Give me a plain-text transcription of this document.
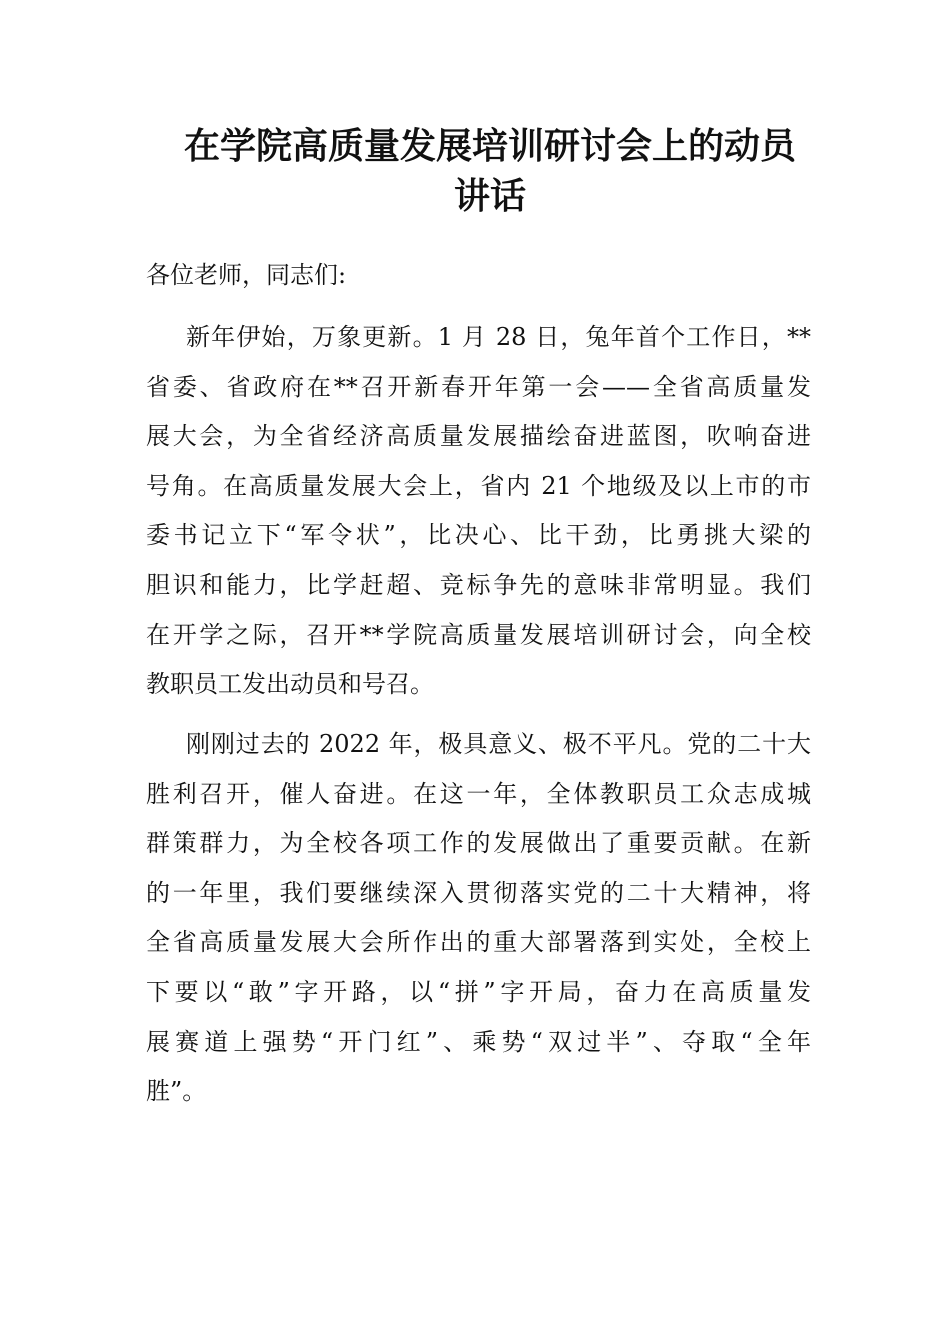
在学院高质量发展培训研讨会上的动员
讲话
各位老师，同志们:
新年伊始，万象更新。1 月 28 日，兔年首个工作日，**
省委、省政府在**召开新春开年第一会——全省高质量发
展大会，为全省经济高质量发展描绘奋进蓝图，吹响奋进
号角。在高质量发展大会上，省内 21 个地级及以上市的市
委书记立下“军令状”，比决心、比干劲，比勇挑大梁的
胆识和能力，比学赶超、竞标争先的意味非常明显。我们
在开学之际，召开**学院高质量发展培训研讨会，向全校
教职员工发出动员和号召。
刚刚过去的 2022 年，极具意义、极不平凡。党的二十大
胜利召开，催人奋进。在这一年，全体教职员工众志成城
群策群力，为全校各项工作的发展做出了重要贡献。在新
的一年里，我们要继续深入贯彻落实党的二十大精神，将
全省高质量发展大会所作出的重大部署落到实处，全校上
下要以“敢”字开路，以“拼”字开局，奋力在高质量发
展赛道上强势“开门红”、乘势“双过半”、夺取“全年
胜”。
